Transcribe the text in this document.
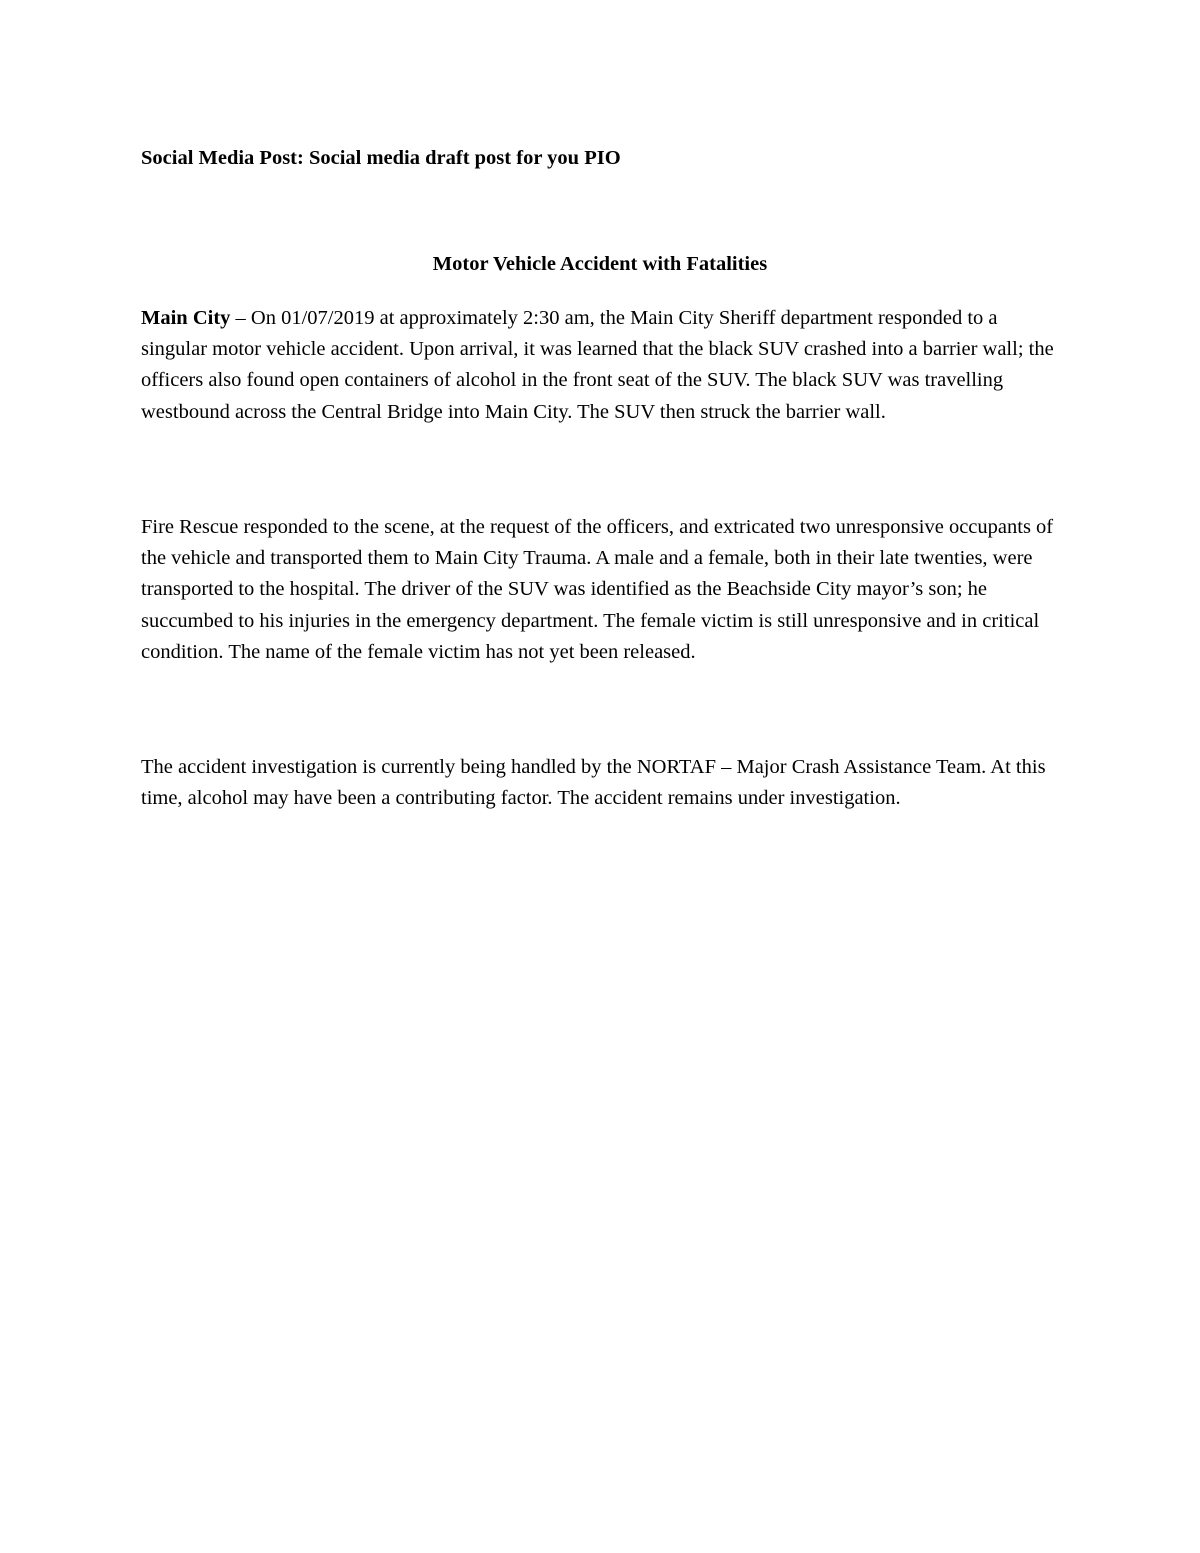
Social Media Post: Social media draft post for you PIO

Motor Vehicle Accident with Fatalities

Main City – On 01/07/2019 at approximately 2:30 am, the Main City Sheriff department responded to a singular motor vehicle accident. Upon arrival, it was learned that the black SUV crashed into a barrier wall; the officers also found open containers of alcohol in the front seat of the SUV. The black SUV was travelling westbound across the Central Bridge into Main City. The SUV then struck the barrier wall.

Fire Rescue responded to the scene, at the request of the officers, and extricated two unresponsive occupants of the vehicle and transported them to Main City Trauma. A male and a female, both in their late twenties, were transported to the hospital. The driver of the SUV was identified as the Beachside City mayor’s son; he succumbed to his injuries in the emergency department. The female victim is still unresponsive and in critical condition. The name of the female victim has not yet been released.

The accident investigation is currently being handled by the NORTAF – Major Crash Assistance Team. At this time, alcohol may have been a contributing factor. The accident remains under investigation.
